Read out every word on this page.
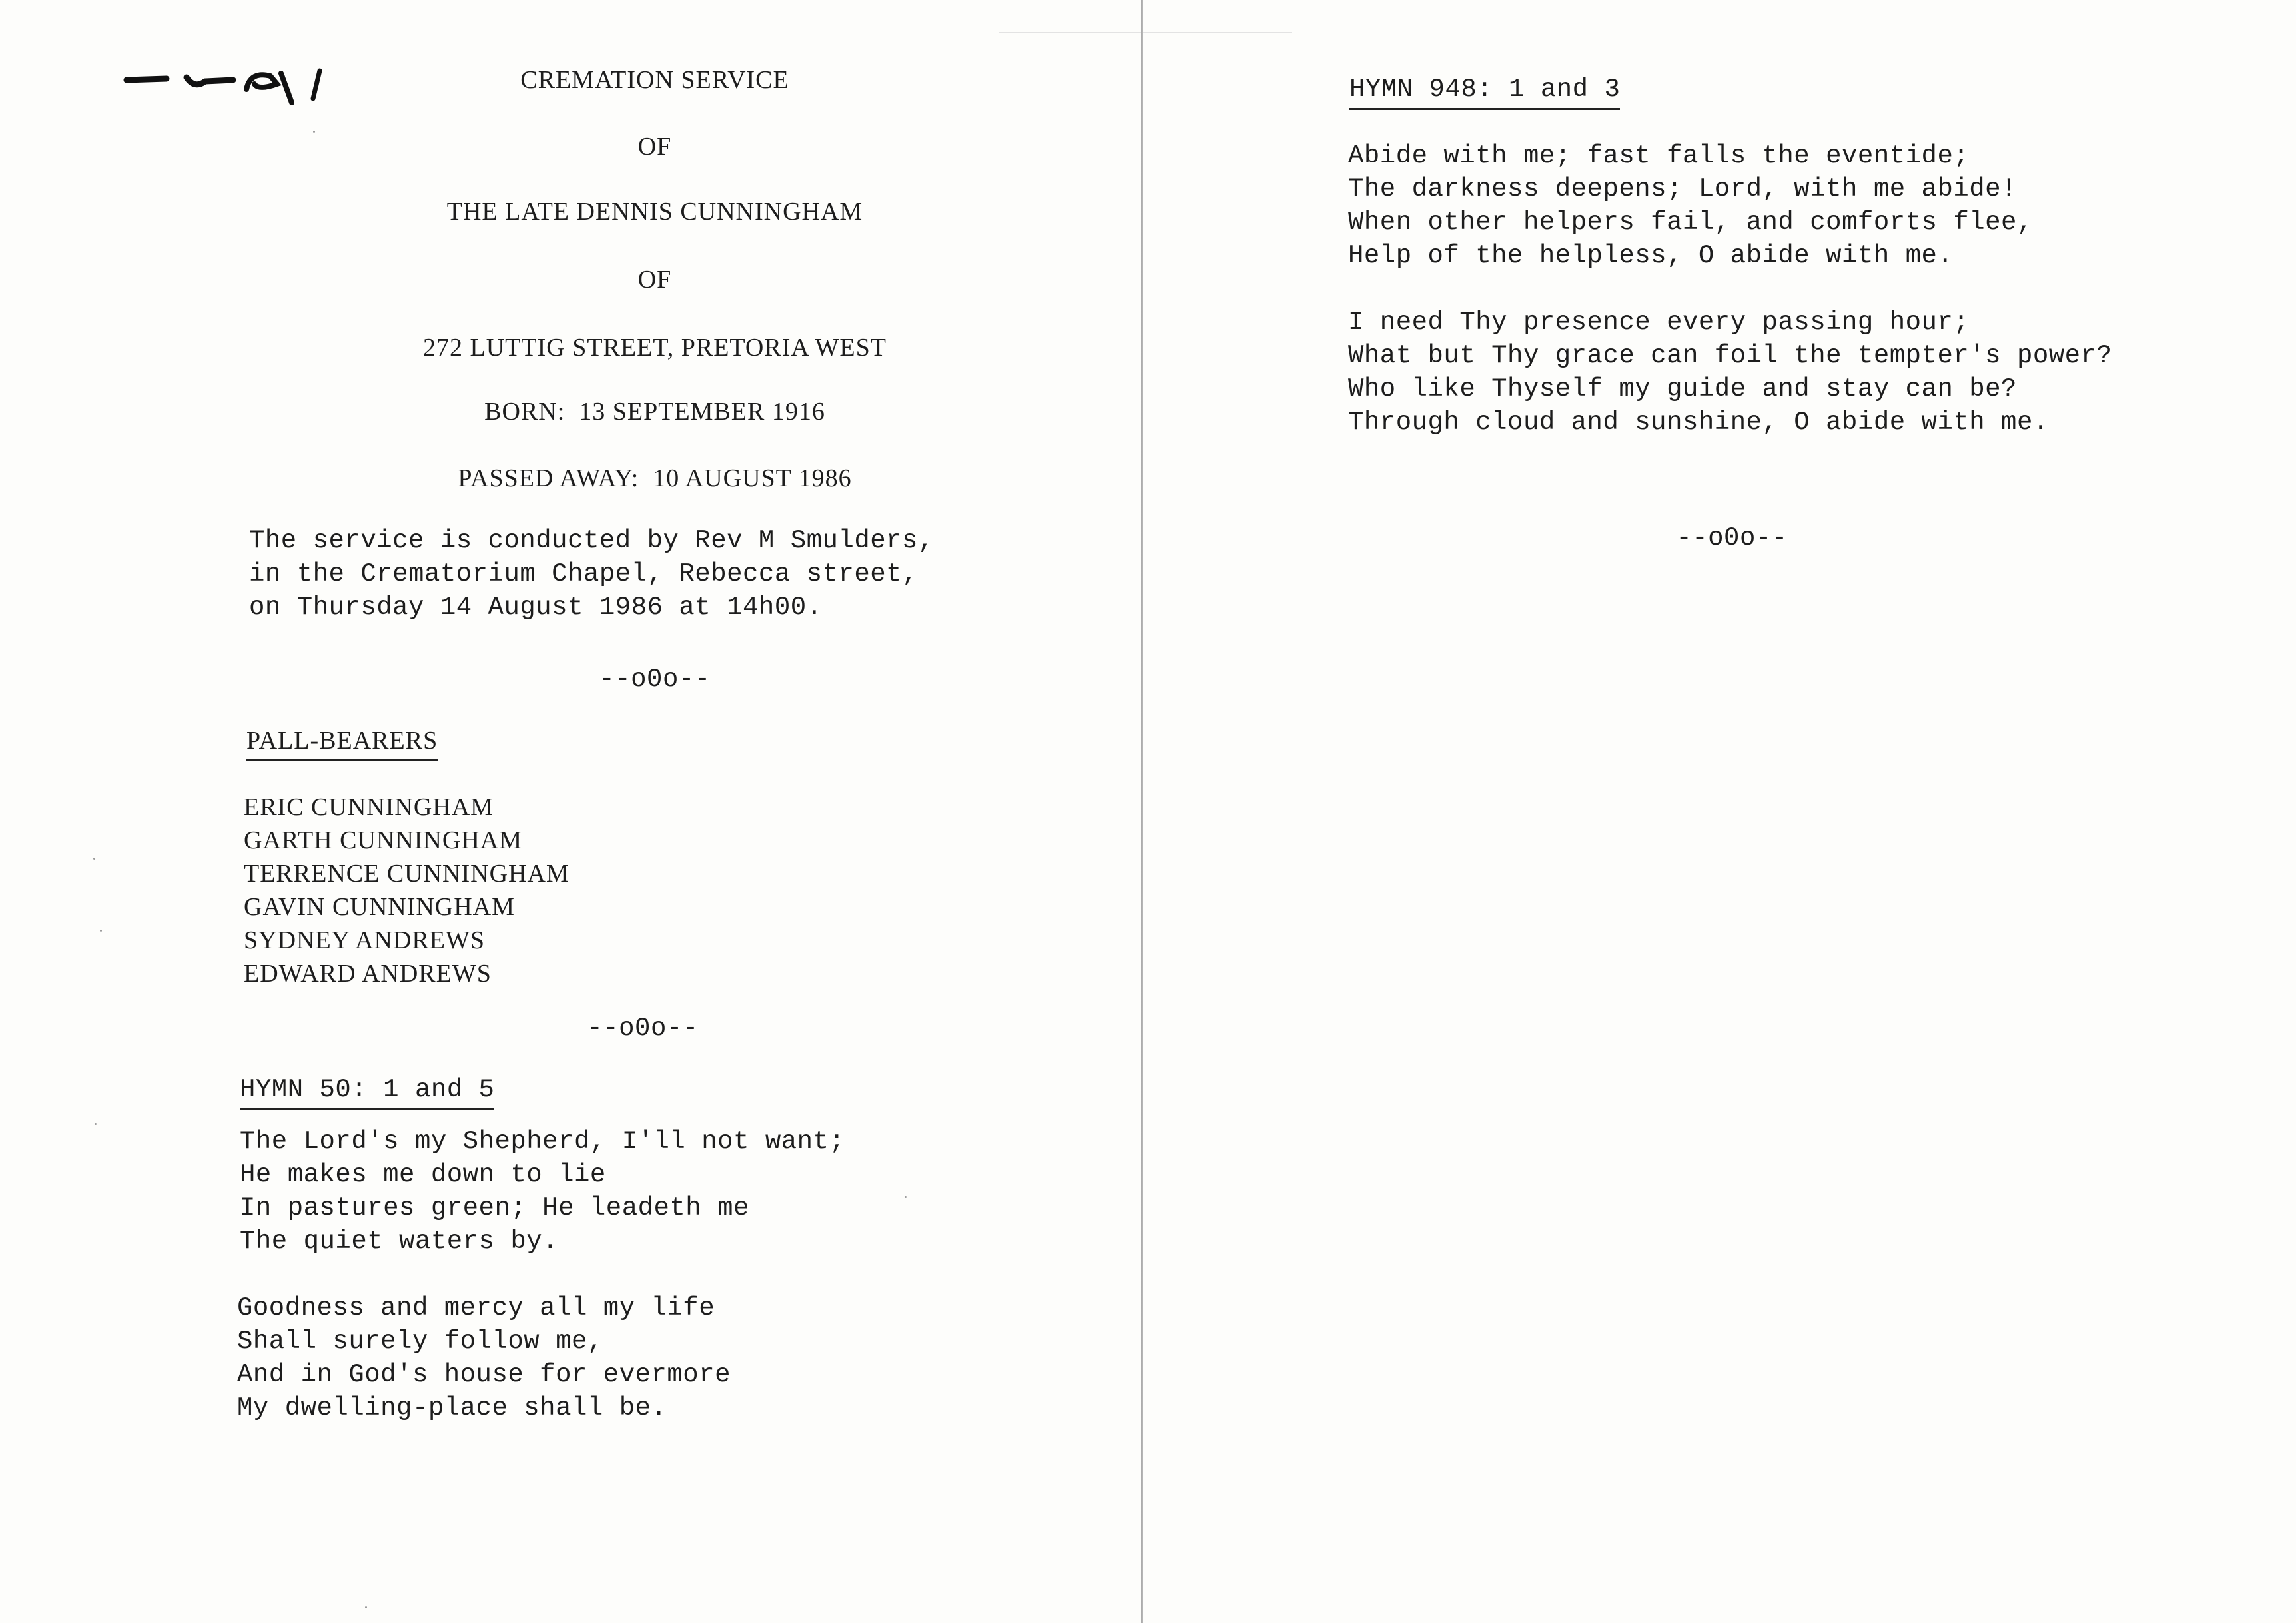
CREMATION SERVICE
OF
THE LATE DENNIS CUNNINGHAM
OF
272 LUTTIG STREET, PRETORIA WEST
BORN:  13 SEPTEMBER 1916
PASSED AWAY:  10 AUGUST 1986
The service is conducted by Rev M Smulders,
in the Crematorium Chapel, Rebecca street,
on Thursday 14 August 1986 at 14h00.
--o0o--
PALL-BEARERS
ERIC CUNNINGHAM
GARTH CUNNINGHAM
TERRENCE CUNNINGHAM
GAVIN CUNNINGHAM
SYDNEY ANDREWS
EDWARD ANDREWS
--o0o--
HYMN 50: 1 and 5
The Lord's my Shepherd, I'll not want;
He makes me down to lie
In pastures green; He leadeth me
The quiet waters by.
Goodness and mercy all my life
Shall surely follow me,
And in God's house for evermore
My dwelling-place shall be.
HYMN 948: 1 and 3
Abide with me; fast falls the eventide;
The darkness deepens; Lord, with me abide!
When other helpers fail, and comforts flee,
Help of the helpless, O abide with me.
I need Thy presence every passing hour;
What but Thy grace can foil the tempter's power?
Who like Thyself my guide and stay can be?
Through cloud and sunshine, O abide with me.
--o0o--
